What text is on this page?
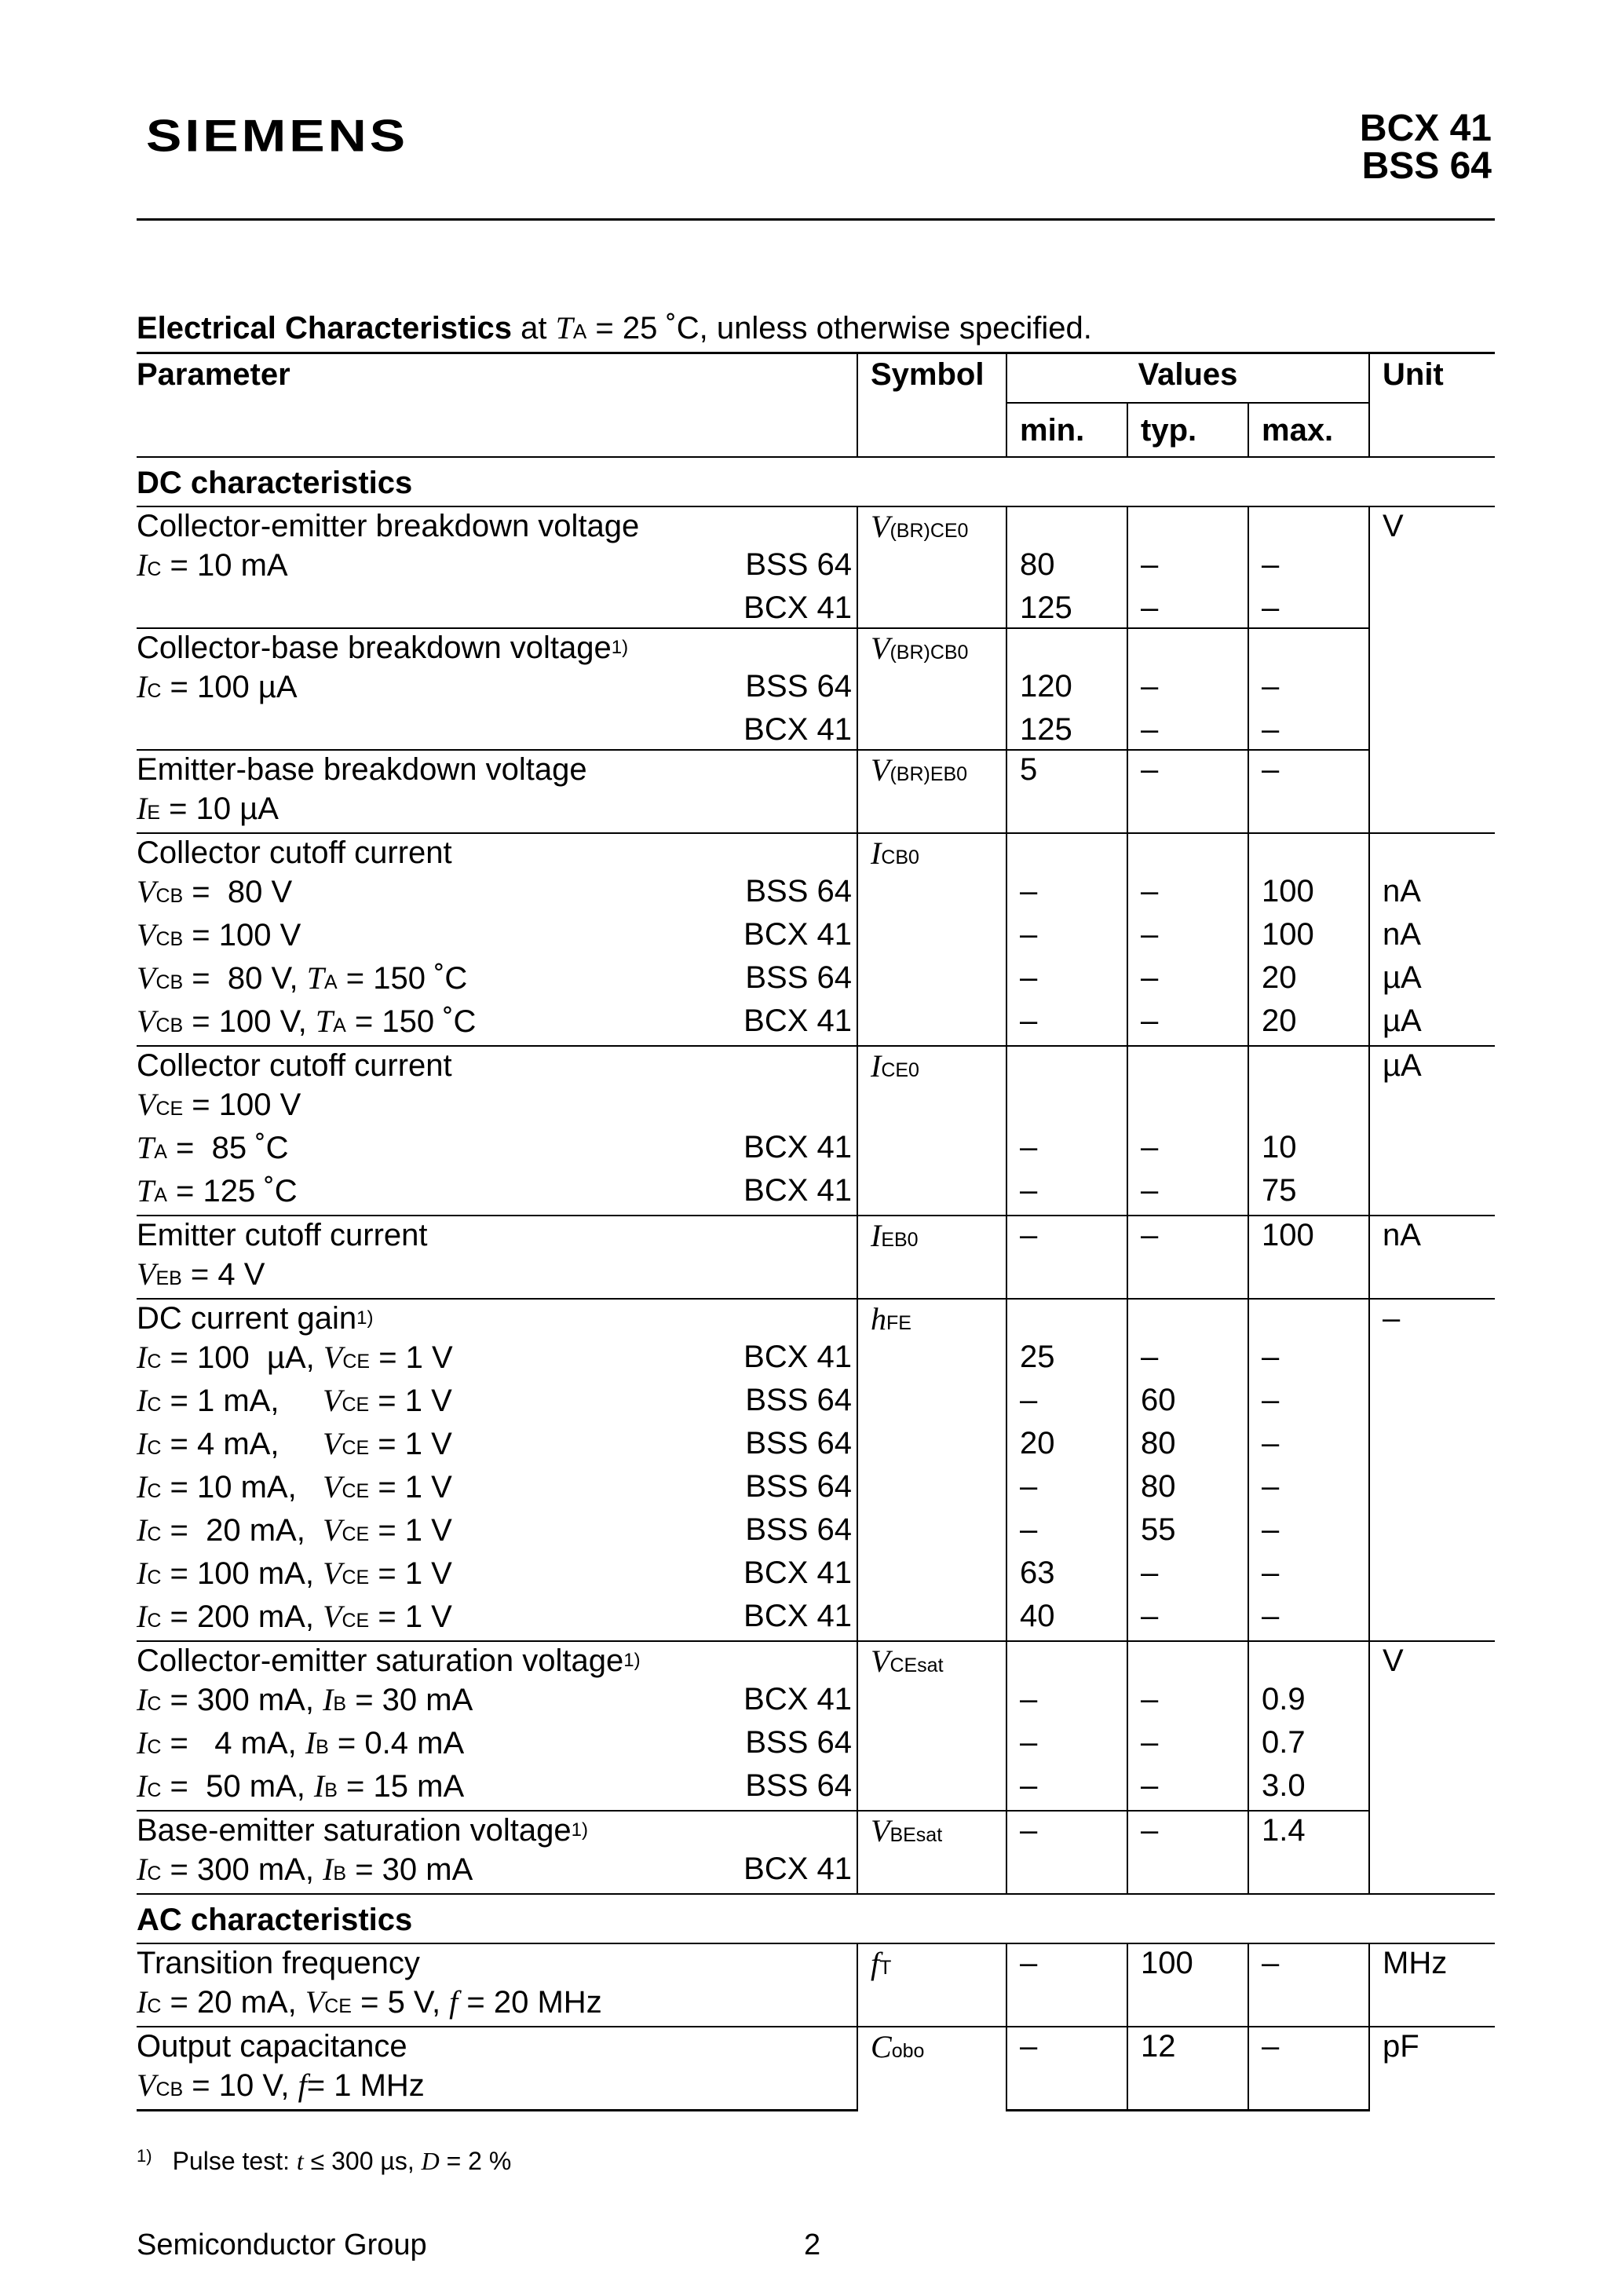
SIEMENS	BCX 41
BSS 64
Electrical Characteristics at TA = 25 ˚C, unless otherwise specified.
Parameter	Symbol	Values			Unit
		min.	typ.	max.	
DC characteristics					
Collector-emitter breakdown voltage	V(BR)CE0				V

IC = 10 mA BSS 64		80	–	–	

BCX 41		125	–	–	
Collector-base breakdown voltage$^{1)}$	V(BR)CB0				

IC = 100 µA BSS 64		120	–	–	

BCX 41		125	–	–	
Emitter-base breakdown voltage	V(BR)EB0	5	–	–	

IE = 10 µA					

Collector cutoff current	ICB0				

VCB =  80 V BSS 64		–	–	100	nA

VCB = 100 V BCX 41		–	–	100	nA

VCB =  80 V, TA = 150 ˚C BSS 64		–	–	20	µA

VCB = 100 V, TA = 150 ˚C BCX 41		–	–	20	µA
Collector cutoff current	ICE0				µA

VCE = 100 V					

TA =  85 ˚C BCX 41		–	–	10	

TA = 125 ˚C BCX 41		–	–	75	
Emitter cutoff current	IEB0	–	–	100	nA

VEB = 4 V					

DC current gain$^{1)}$	hFE				–

IC = 100  µA, VCE = 1 V BCX 41		25	–	–	

IC = 1 mA,     VCE = 1 V BSS 64		–	60	–	

IC = 4 mA,     VCE = 1 V BSS 64		20	80	–	

IC = 10 mA,   VCE = 1 V BSS 64		–	80	–	

IC =  20 mA,  VCE = 1 V BSS 64		–	55	–	

IC = 100 mA, VCE = 1 V BCX 41		63	–	–	

IC = 200 mA, VCE = 1 V BCX 41		40	–	–	
Collector-emitter saturation voltage$^{1)}$	VCEsat				V

IC = 300 mA, IB = 30 mA BCX 41		–	–	0.9	

IC =   4 mA, IB = 0.4 mA BSS 64		–	–	0.7	

IC =  50 mA, IB = 15 mA BSS 64		–	–	3.0	
Base-emitter saturation voltage$^{1)}$	VBEsat	–	–	1.4	

IC = 300 mA, IB = 30 mA BCX 41					

AC characteristics					
Transition frequency	fT	–	100	–	MHz

IC = 20 mA, VCE = 5 V, f = 20 MHz					

Output capacitance	Cobo	–	12	–	pF

VCB = 10 V, f= 1 MHz					

$^{1)}$ Pulse test: t ≤ 300 µs, D = 2 %
Semiconductor Group	2
